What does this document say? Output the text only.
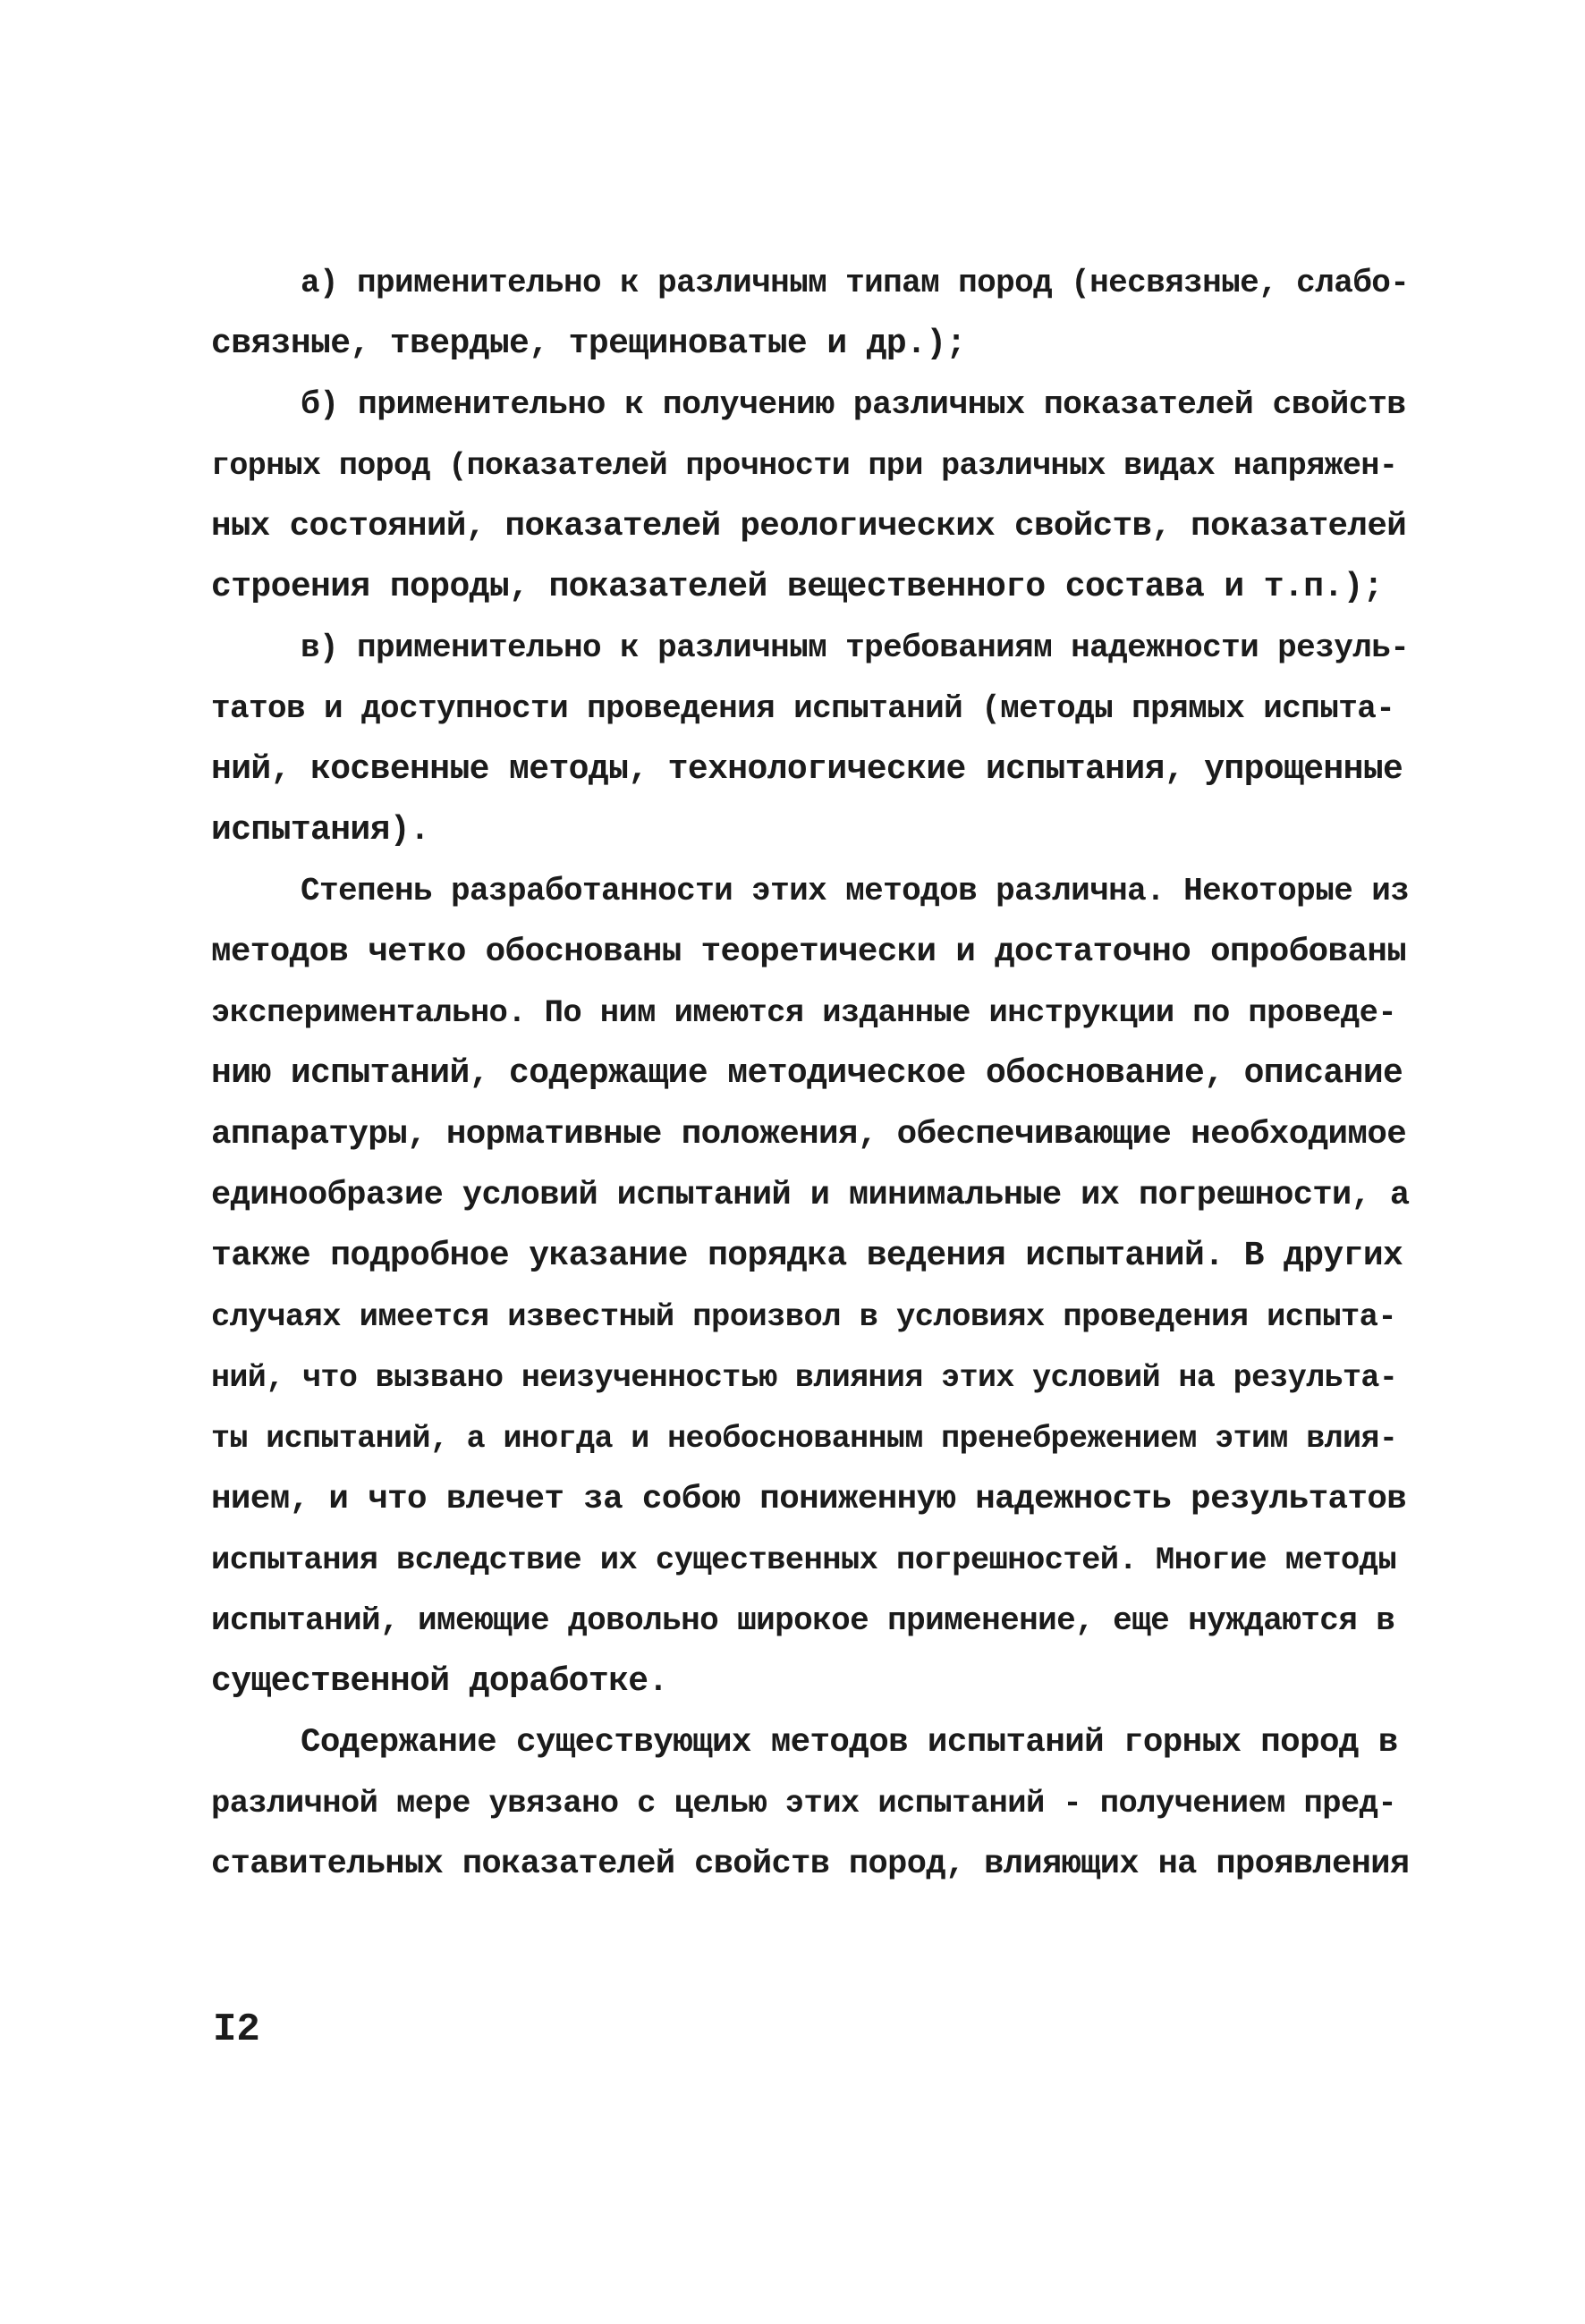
а) применительно к различным типам пород (несвязные, слабо-
связные, твердые, трещиноватые и др.);
б) применительно к получению различных показателей свойств
горных пород (показателей прочности при различных видах напряжен-
ных состояний, показателей реологических свойств, показателей
строения породы, показателей вещественного состава и т.п.);
в) применительно к различным требованиям надежности резуль-
татов и доступности проведения испытаний (методы прямых испыта-
ний, косвенные методы, технологические испытания, упрощенные
испытания).
Степень разработанности этих методов различна. Некоторые из
методов четко обоснованы теоретически и достаточно опробованы
экспериментально. По ним имеются изданные инструкции по проведе-
нию испытаний, содержащие методическое обоснование, описание
аппаратуры, нормативные положения, обеспечивающие необходимое
единообразие условий испытаний и минимальные их погрешности, а
также подробное указание порядка ведения испытаний. В других
случаях имеется известный произвол в условиях проведения испыта-
ний, что вызвано неизученностью влияния этих условий на результа-
ты испытаний, а иногда и необоснованным пренебрежением этим влия-
нием, и что влечет за собою пониженную надежность результатов
испытания вследствие их существенных погрешностей. Многие методы
испытаний, имеющие довольно широкое применение, еще нуждаются в
существенной доработке.
Содержание существующих методов испытаний горных пород в
различной мере увязано с целью этих испытаний - получением пред-
ставительных показателей свойств пород, влияющих на проявления
I2
